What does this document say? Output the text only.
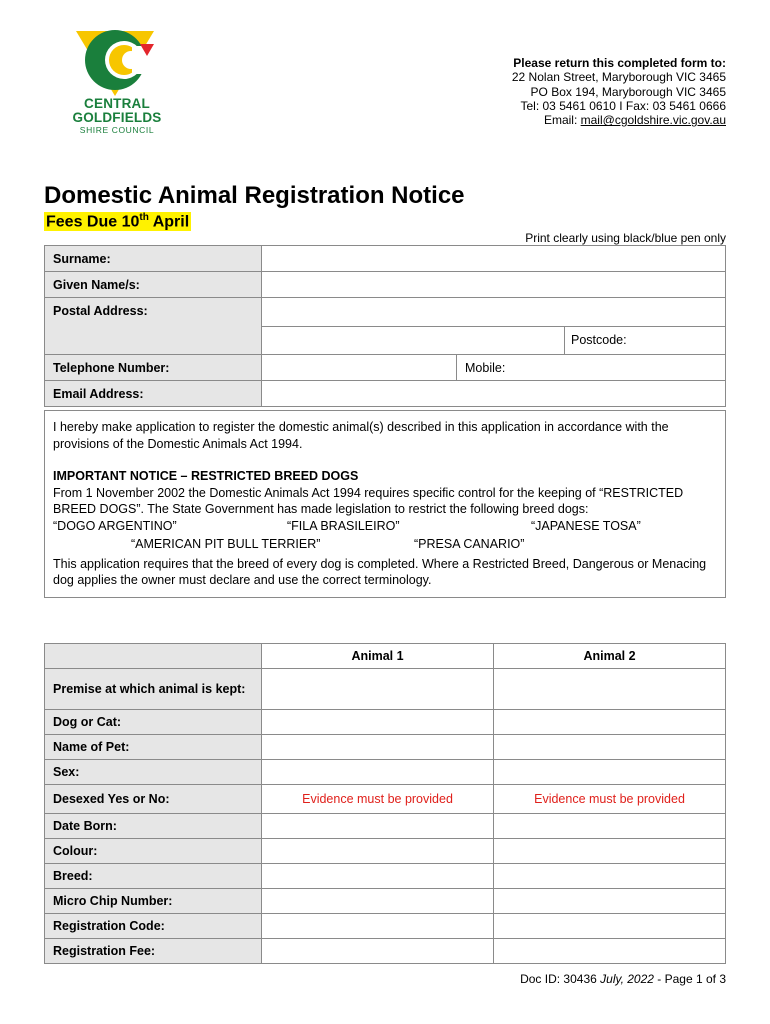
CENTRAL
GOLDFIELDS
SHIRE COUNCIL
Please return this completed form to:
22 Nolan Street, Maryborough VIC 3465
PO Box 194, Maryborough VIC 3465
Tel: 03 5461 0610 I Fax: 03 5461 0666
Email: mail@cgoldshire.vic.gov.au
Domestic Animal Registration Notice
Fees Due 10th April
Print clearly using black/blue pen only
Surname:		
Given Name/s:		
Postal Address:		

	Postcode:	

Telephone Number:		Mobile:
Email Address:		

I hereby make application to register the domestic animal(s) described in this application in accordance with the provisions of the Domestic Animals Act 1994.

IMPORTANT NOTICE – RESTRICTED BREED DOGS

From 1 November 2002 the Domestic Animals Act 1994 requires specific control for the keeping of “RESTRICTED BREED DOGS”. The State Government has made legislation to restrict the following breed dogs:

“DOGO ARGENTINO”	“FILA BRASILEIRO”	“JAPANESE TOSA”
“AMERICAN PIT BULL TERRIER”	“PRESA CANARIO”

This application requires that the breed of every dog is completed. Where a Restricted Breed, Dangerous or Menacing dog applies the owner must declare and use the correct terminology.

	Animal 1	Animal 2
Premise at which animal is kept:		
Dog or Cat:		
Name of Pet:		
Sex:		
Desexed Yes or No:	Evidence must be provided	Evidence must be provided
Date Born:		
Colour:		
Breed:		
Micro Chip Number:		
Registration Code:		
Registration Fee:		
Doc ID: 30436 July, 2022 - Page 1 of 3
